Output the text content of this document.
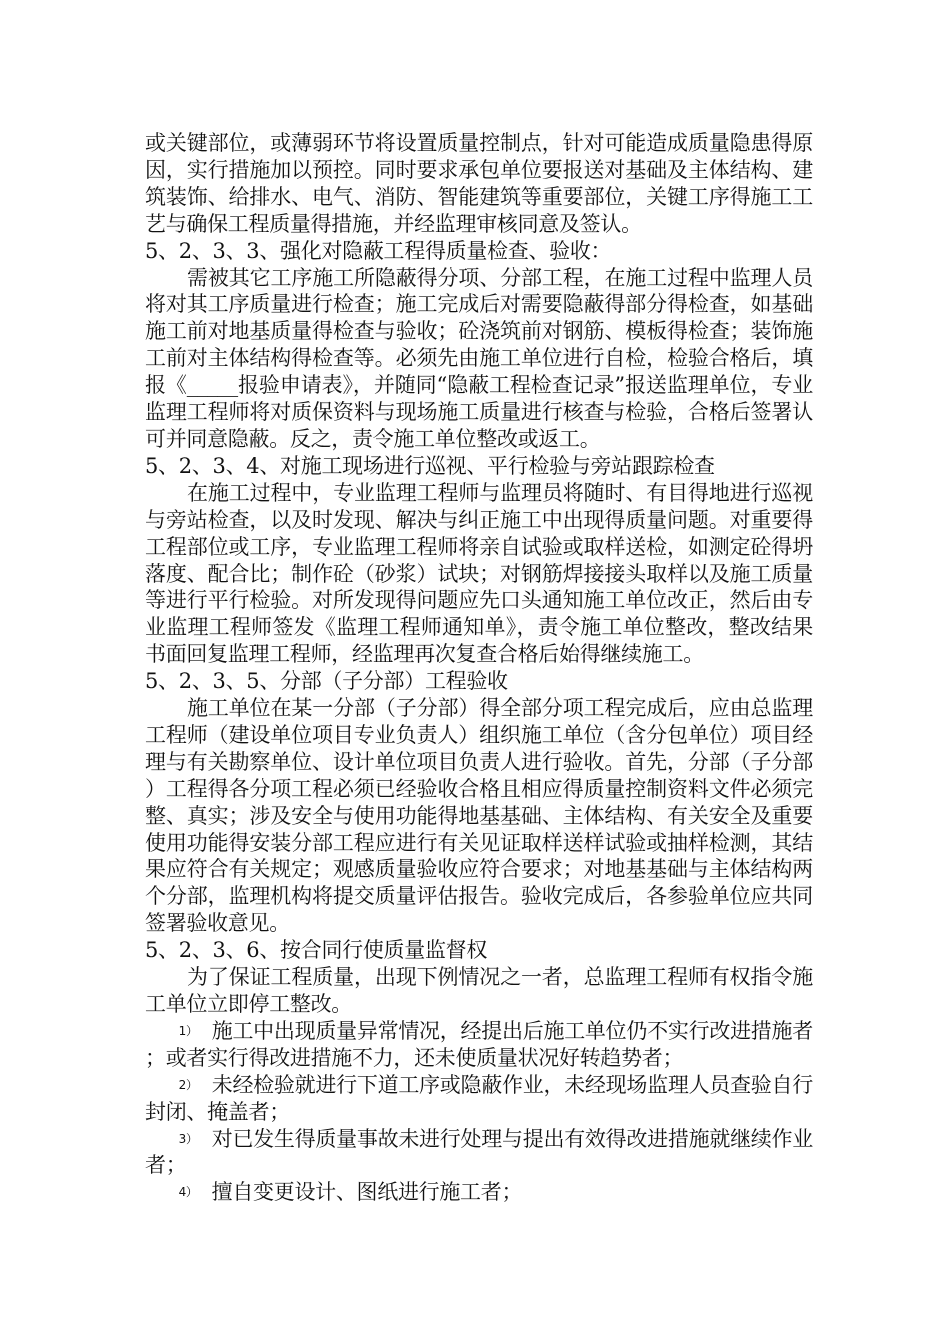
或关键部位，或薄弱环节将设置质量控制点，针对可能造成质量隐患得原因，实行措施加以预控。同时要求承包单位要报送对基础及主体结构、建筑装饰、给排水、电气、消防、智能建筑等重要部位，关键工序得施工工艺与确保工程质量得措施，并经监理审核同意及签认。

5、2、3、3、强化对隐蔽工程得质量检查、验收：

需被其它工序施工所隐蔽得分项、分部工程，在施工过程中监理人员将对其工序质量进行检查；施工完成后对需要隐蔽得部分得检查，如基础施工前对地基质量得检查与验收；砼浇筑前对钢筋、模板得检查；装饰施工前对主体结构得检查等。必须先由施工单位进行自检，检验合格后，填报《_____报验申请表》，并随同“隐蔽工程检查记录”报送监理单位，专业监理工程师将对质保资料与现场施工质量进行核查与检验，合格后签署认可并同意隐蔽。反之，责令施工单位整改或返工。

5、2、3、4、对施工现场进行巡视、平行检验与旁站跟踪检查

在施工过程中，专业监理工程师与监理员将随时、有目得地进行巡视与旁站检查，以及时发现、解决与纠正施工中出现得质量问题。对重要得工程部位或工序，专业监理工程师将亲自试验或取样送检，如测定砼得坍落度、配合比；制作砼（砂浆）试块；对钢筋焊接接头取样以及施工质量等进行平行检验。对所发现得问题应先口头通知施工单位改正，然后由专业监理工程师签发《监理工程师通知单》，责令施工单位整改，整改结果书面回复监理工程师，经监理再次复查合格后始得继续施工。

5、2、3、5、分部（子分部）工程验收

施工单位在某一分部（子分部）得全部分项工程完成后，应由总监理工程师（建设单位项目专业负责人）组织施工单位（含分包单位）项目经理与有关勘察单位、设计单位项目负责人进行验收。首先，分部（子分部）工程得各分项工程必须已经验收合格且相应得质量控制资料文件必须完整、真实；涉及安全与使用功能得地基基础、主体结构、有关安全及重要使用功能得安装分部工程应进行有关见证取样送样试验或抽样检测，其结果应符合有关规定；观感质量验收应符合要求；对地基基础与主体结构两个分部，监理机构将提交质量评估报告。验收完成后，各参验单位应共同签署验收意见。

5、2、3、6、按合同行使质量监督权

为了保证工程质量，出现下例情况之一者，总监理工程师有权指令施工单位立即停工整改。

1） 施工中出现质量异常情况，经提出后施工单位仍不实行改进措施者；或者实行得改进措施不力，还未使质量状况好转趋势者；

2） 未经检验就进行下道工序或隐蔽作业，未经现场监理人员查验自行封闭、掩盖者；

3） 对已发生得质量事故未进行处理与提出有效得改进措施就继续作业者；

4） 擅自变更设计、图纸进行施工者；
